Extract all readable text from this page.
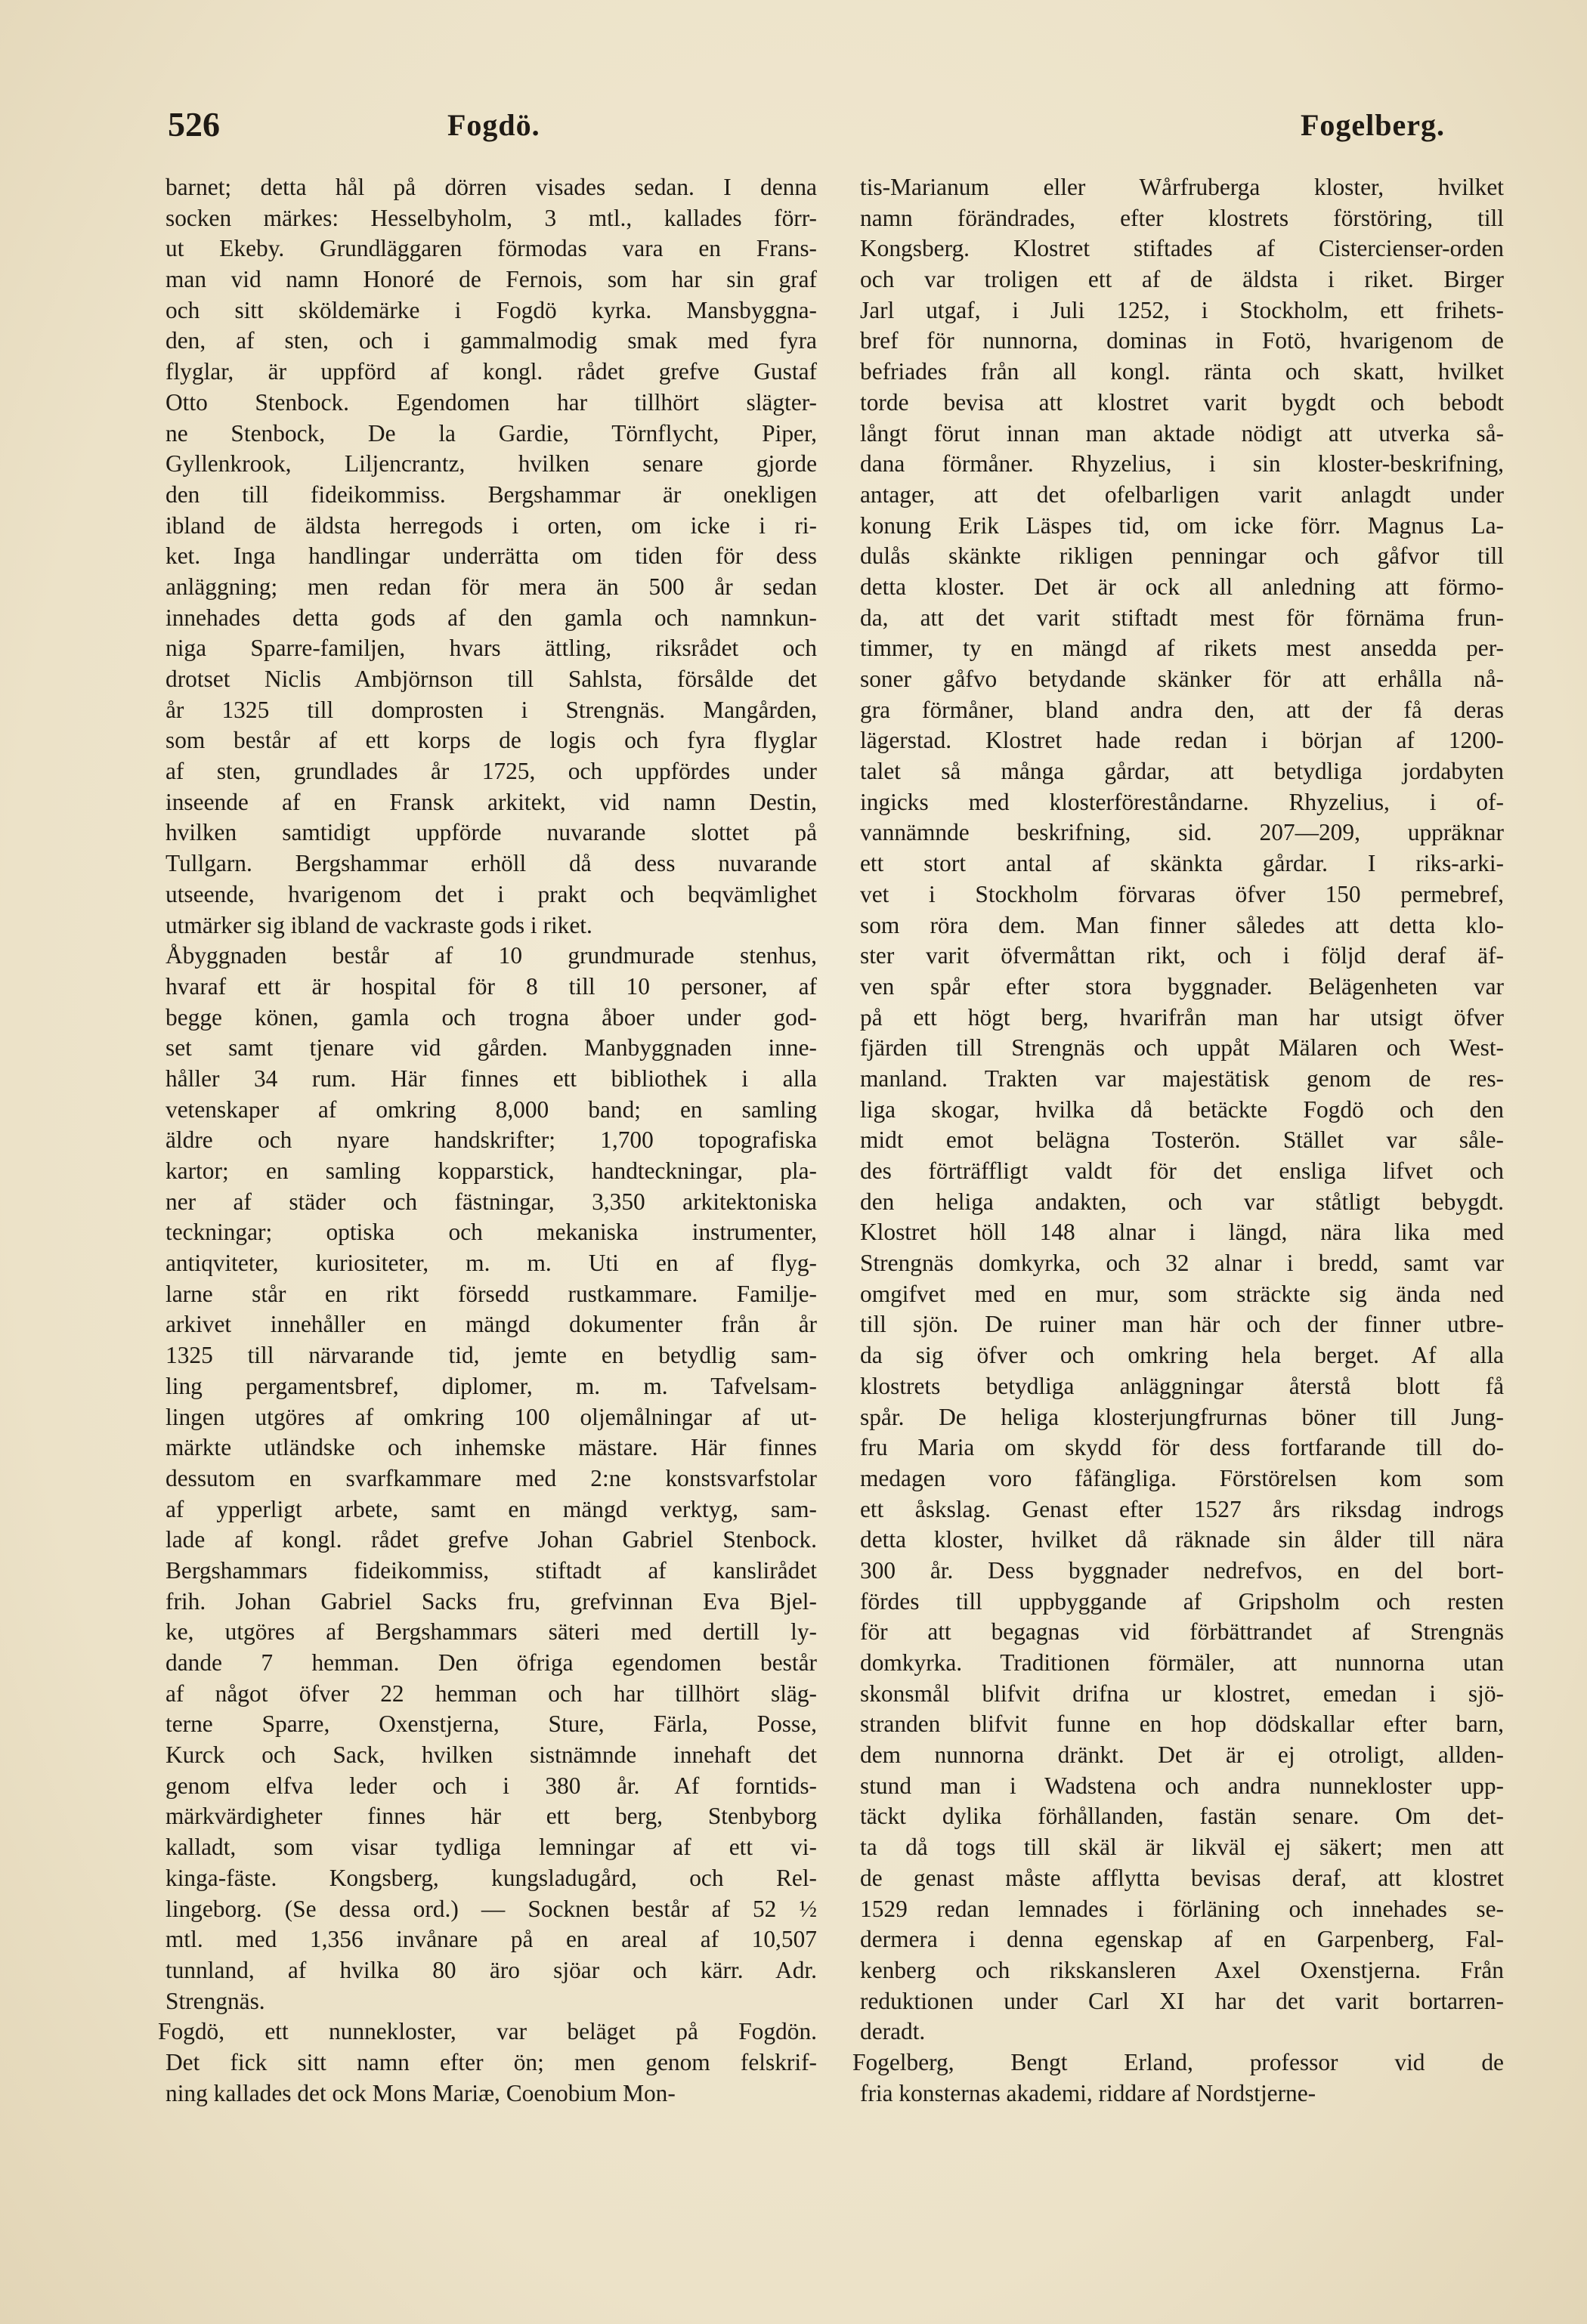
526	Fogdö.	Fogelberg.
barnet; detta hål på dörren visades sedan. I denna
socken märkes: Hesselbyholm, 3 mtl., kallades förr-
ut Ekeby. Grundläggaren förmodas vara en Frans-
man vid namn Honoré de Fernois, som har sin graf
och sitt sköldemärke i Fogdö kyrka. Mansbyggna-
den, af sten, och i gammalmodig smak med fyra
flyglar, är uppförd af kongl. rådet grefve Gustaf
Otto Stenbock. Egendomen har tillhört slägter-
ne Stenbock, De la Gardie, Törnflycht, Piper,
Gyllenkrook, Liljencrantz, hvilken senare gjorde
den till fideikommiss. Bergshammar är onekligen
ibland de äldsta herregods i orten, om icke i ri-
ket. Inga handlingar underrätta om tiden för dess
anläggning; men redan för mera än 500 år sedan
innehades detta gods af den gamla och namnkun-
niga Sparre-familjen, hvars ättling, riksrådet och
drotset Niclis Ambjörnson till Sahlsta, försålde det
år 1325 till domprosten i Strengnäs. Mangården,
som består af ett korps de logis och fyra flyglar
af sten, grundlades år 1725, och uppfördes under
inseende af en Fransk arkitekt, vid namn Destin,
hvilken samtidigt uppförde nuvarande slottet på
Tullgarn. Bergshammar erhöll då dess nuvarande
utseende, hvarigenom det i prakt och beqvämlighet
utmärker sig ibland de vackraste gods i riket.
Åbyggnaden består af 10 grundmurade stenhus,
hvaraf ett är hospital för 8 till 10 personer, af
begge könen, gamla och trogna åboer under god-
set samt tjenare vid gården. Manbyggnaden inne-
håller 34 rum. Här finnes ett bibliothek i alla
vetenskaper af omkring 8,000 band; en samling
äldre och nyare handskrifter; 1,700 topografiska
kartor; en samling kopparstick, handteckningar, pla-
ner af städer och fästningar, 3,350 arkitektoniska
teckningar; optiska och mekaniska instrumenter,
antiqviteter, kuriositeter, m. m. Uti en af flyg-
larne står en rikt försedd rustkammare. Familje-
arkivet innehåller en mängd dokumenter från år
1325 till närvarande tid, jemte en betydlig sam-
ling pergamentsbref, diplomer, m. m. Tafvelsam-
lingen utgöres af omkring 100 oljemålningar af ut-
märkte utländske och inhemske mästare. Här finnes
dessutom en svarfkammare med 2:ne konstsvarfstolar
af ypperligt arbete, samt en mängd verktyg, sam-
lade af kongl. rådet grefve Johan Gabriel Stenbock.
Bergshammars fideikommiss, stiftadt af kanslirådet
frih. Johan Gabriel Sacks fru, grefvinnan Eva Bjel-
ke, utgöres af Bergshammars säteri med dertill ly-
dande 7 hemman. Den öfriga egendomen består
af något öfver 22 hemman och har tillhört släg-
terne Sparre, Oxenstjerna, Sture, Färla, Posse,
Kurck och Sack, hvilken sistnämnde innehaft det
genom elfva leder och i 380 år. Af forntids-
märkvärdigheter finnes här ett berg, Stenbyborg
kalladt, som visar tydliga lemningar af ett vi-
kinga-fäste. Kongsberg, kungsladugård, och Rel-
lingeborg. (Se dessa ord.) — Socknen består af 52 ½
mtl. med 1,356 invånare på en areal af 10,507
tunnland, af hvilka 80 äro sjöar och kärr. Adr.
Strengnäs.
Fogdö, ett nunnekloster, var beläget på Fogdön.
Det fick sitt namn efter ön; men genom felskrif-
ning kallades det ock Mons Mariæ, Coenobium Mon-
tis-Marianum eller Wårfruberga kloster, hvilket
namn förändrades, efter klostrets förstöring, till
Kongsberg. Klostret stiftades af Cistercienser-orden
och var troligen ett af de äldsta i riket. Birger
Jarl utgaf, i Juli 1252, i Stockholm, ett frihets-
bref för nunnorna, dominas in Fotö, hvarigenom de
befriades från all kongl. ränta och skatt, hvilket
torde bevisa att klostret varit bygdt och bebodt
långt förut innan man aktade nödigt att utverka så-
dana förmåner. Rhyzelius, i sin kloster-beskrifning,
antager, att det ofelbarligen varit anlagdt under
konung Erik Läspes tid, om icke förr. Magnus La-
dulås skänkte rikligen penningar och gåfvor till
detta kloster. Det är ock all anledning att förmo-
da, att det varit stiftadt mest för förnäma frun-
timmer, ty en mängd af rikets mest ansedda per-
soner gåfvo betydande skänker för att erhålla nå-
gra förmåner, bland andra den, att der få deras
lägerstad. Klostret hade redan i början af 1200-
talet så många gårdar, att betydliga jordabyten
ingicks med klosterföreståndarne. Rhyzelius, i of-
vannämnde beskrifning, sid. 207—209, uppräknar
ett stort antal af skänkta gårdar. I riks-arki-
vet i Stockholm förvaras öfver 150 permebref,
som röra dem. Man finner således att detta klo-
ster varit öfvermåttan rikt, och i följd deraf äf-
ven spår efter stora byggnader. Belägenheten var
på ett högt berg, hvarifrån man har utsigt öfver
fjärden till Strengnäs och uppåt Mälaren och West-
manland. Trakten var majestätisk genom de res-
liga skogar, hvilka då betäckte Fogdö och den
midt emot belägna Tosterön. Stället var såle-
des förträffligt valdt för det ensliga lifvet och
den heliga andakten, och var ståtligt bebygdt.
Klostret höll 148 alnar i längd, nära lika med
Strengnäs domkyrka, och 32 alnar i bredd, samt var
omgifvet med en mur, som sträckte sig ända ned
till sjön. De ruiner man här och der finner utbre-
da sig öfver och omkring hela berget. Af alla
klostrets betydliga anläggningar återstå blott få
spår. De heliga klosterjungfrurnas böner till Jung-
fru Maria om skydd för dess fortfarande till do-
medagen voro fåfängliga. Förstörelsen kom som
ett åskslag. Genast efter 1527 års riksdag indrogs
detta kloster, hvilket då räknade sin ålder till nära
300 år. Dess byggnader nedrefvos, en del bort-
fördes till uppbyggande af Gripsholm och resten
för att begagnas vid förbättrandet af Strengnäs
domkyrka. Traditionen förmäler, att nunnorna utan
skonsmål blifvit drifna ur klostret, emedan i sjö-
stranden blifvit funne en hop dödskallar efter barn,
dem nunnorna dränkt. Det är ej otroligt, allden-
stund man i Wadstena och andra nunnekloster upp-
täckt dylika förhållanden, fastän senare. Om det-
ta då togs till skäl är likväl ej säkert; men att
de genast måste afflytta bevisas deraf, att klostret
1529 redan lemnades i förläning och innehades se-
dermera i denna egenskap af en Garpenberg, Fal-
kenberg och rikskansleren Axel Oxenstjerna. Från
reduktionen under Carl XI har det varit bortarren-
deradt.
Fogelberg, Bengt Erland, professor vid de
fria konsternas akademi, riddare af Nordstjerne-
